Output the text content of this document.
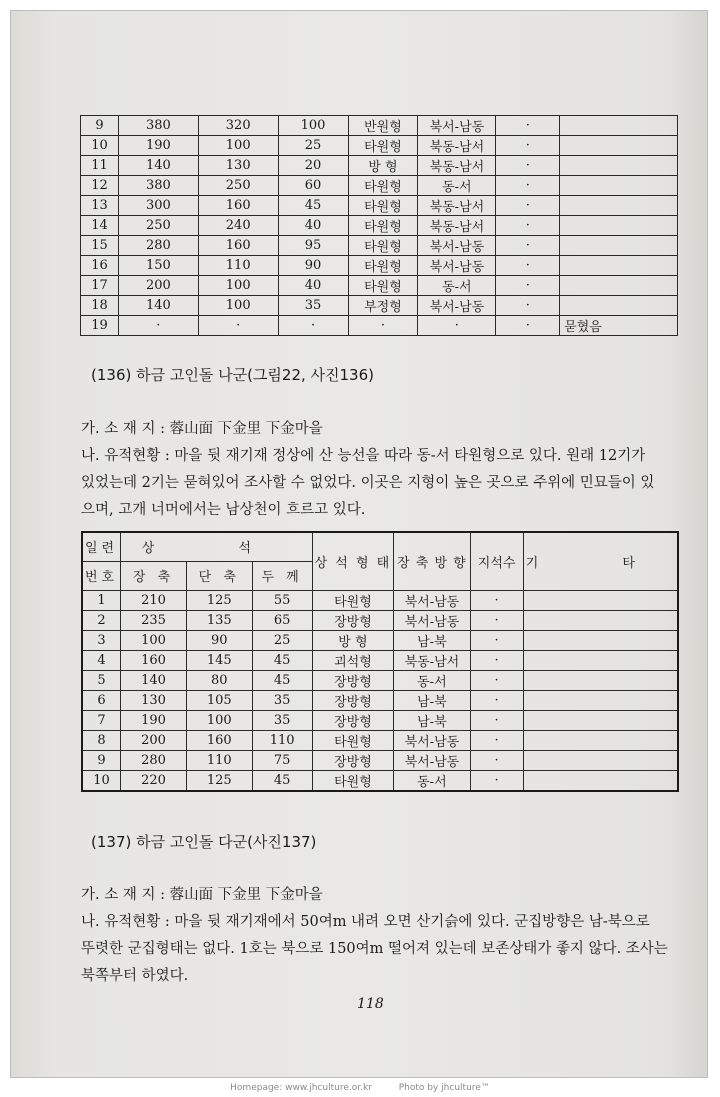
9	380	320	100	반원형	북서-남동	·	
10	190	100	25	타원형	북동-남서	·	
11	140	130	20	방 형	북동-남서	·	
12	380	250	60	타원형	동-서	·	
13	300	160	45	타원형	북동-남서	·	
14	250	240	40	타원형	북동-남서	·	
15	280	160	95	타원형	북서-남동	·	
16	150	110	90	타원형	북서-남동	·	
17	200	100	40	타원형	동-서	·	
18	140	100	35	부정형	북서-남동	·	
19	·	·	·	·	·	·	묻혔음
(136) 하금 고인돌 나군(그림22, 사진136)
가. 소 재 지 : 蓉山面 下金里 下金마을
나. 유적현황 : 마을 뒷 재기재 정상에 산 능선을 따라 동-서 타원형으로 있다. 원래 12기가
있었는데 2기는 묻혀있어 조사할 수 없었다. 이곳은 지형이 높은 곳으로 주위에 민묘들이 있
으며, 고개 너머에서는 남상천이 흐르고 있다.
일련	상 석			상 석 형 태	장 축 방 향	지석수	기 타
번호	장 축	단 축	두 께				
1	210	125	55	타원형	북서-남동	·	
2	235	135	65	장방형	북서-남동	·	
3	100	90	25	방 형	남-북	·	
4	160	145	45	괴석형	북동-남서	·	
5	140	80	45	장방형	동-서	·	
6	130	105	35	장방형	남-북	·	
7	190	100	35	장방형	남-북	·	
8	200	160	110	타원형	북서-남동	·	
9	280	110	75	장방형	북서-남동	·	
10	220	125	45	타원형	동-서	·	
(137) 하금 고인돌 다군(사진137)
가. 소 재 지 : 蓉山面 下金里 下金마을
나. 유적현황 : 마을 뒷 재기재에서 50여m 내려 오면 산기슭에 있다. 군집방향은 남-북으로
뚜렷한 군집형태는 없다. 1호는 북으로 150여m 떨어져 있는데 보존상태가 좋지 않다. 조사는
북쪽부터 하였다.
118
Homepage: www.jhculture.or.kr	Photo by jhculture™
